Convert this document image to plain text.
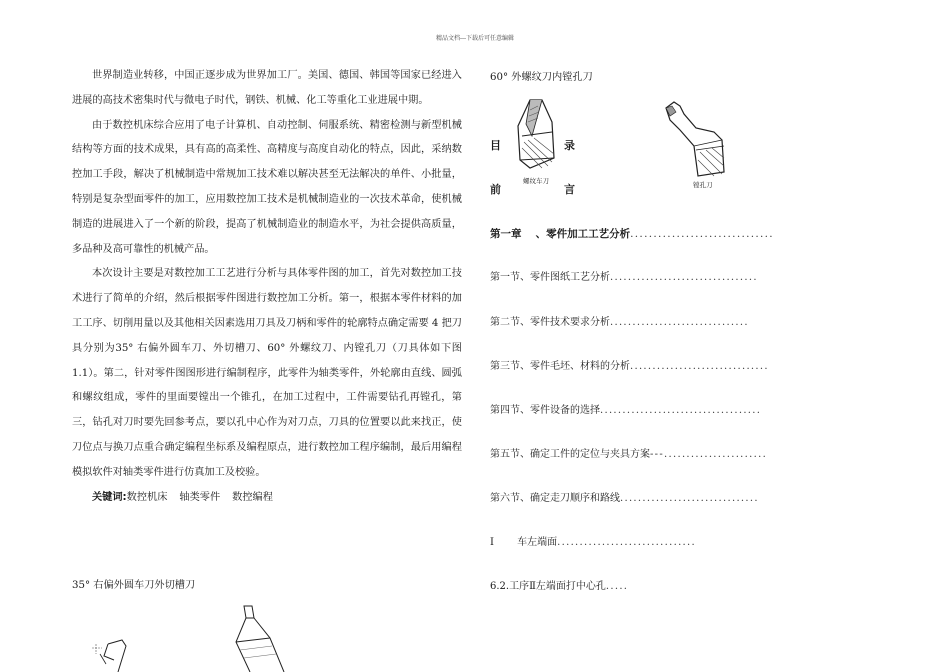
精品文档---下载后可任意编辑

世界制造业转移，中国正逐步成为世界加工厂。美国、德国、韩国等国家已经进入进展的高技术密集时代与微电子时代，钢铁、机械、化工等重化工业进展中期。

由于数控机床综合应用了电子计算机、自动控制、伺服系统、精密检测与新型机械结构等方面的技术成果，具有高的高柔性、高精度与高度自动化的特点，因此，采纳数控加工手段，解决了机械制造中常规加工技术难以解决甚至无法解决的单件、小批量，特别是复杂型面零件的加工，应用数控加工技术是机械制造业的一次技术革命，使机械制造的进展进入了一个新的阶段，提高了机械制造业的制造水平，为社会提供高质量，多品种及高可靠性的机械产品。

本次设计主要是对数控加工工艺进行分析与具体零件图的加工，首先对数控加工技术进行了简单的介绍，然后根据零件图进行数控加工分析。第一，根据本零件材料的加工工序、切削用量以及其他相关因素选用刀具及刀柄和零件的轮廓特点确定需要 4 把刀具分别为35° 右偏外圆车刀、外切槽刀、60° 外螺纹刀、内镗孔刀（刀具体如下图 1.1）。第二，针对零件图图形进行编制程序，此零件为轴类零件，外轮廓由直线、圆弧和螺纹组成，零件的里面要镗出一个锥孔，在加工过程中，工件需要钻孔再镗孔，第三，钻孔对刀时要先回参考点，要以孔中心作为对刀点，刀具的位置要以此来找正，使刀位点与换刀点重合确定编程坐标系及编程原点，进行数控加工程序编制，最后用编程模拟软件对轴类零件进行仿真加工及校验。

关键词:数控机床 轴类零件 数控编程

35° 右偏外圆车刀外切槽刀
60° 外螺纹刀内镗孔刀
螺纹车刀	镗孔刀
目	录
前	言
第一章 　、零件加工工艺分析...............................
第一节、零件图纸工艺分析.................................
第二节、零件技术要求分析...............................
第三节、零件毛坯、材料的分析...............................
第四节、零件设备的选择....................................
第五节、确定工件的定位与夹具方案---.......................
第六节、确定走刀顺序和路线...............................
Ⅰ 　　车左端面...............................
6.2.工序Ⅱ左端面打中心孔.....
